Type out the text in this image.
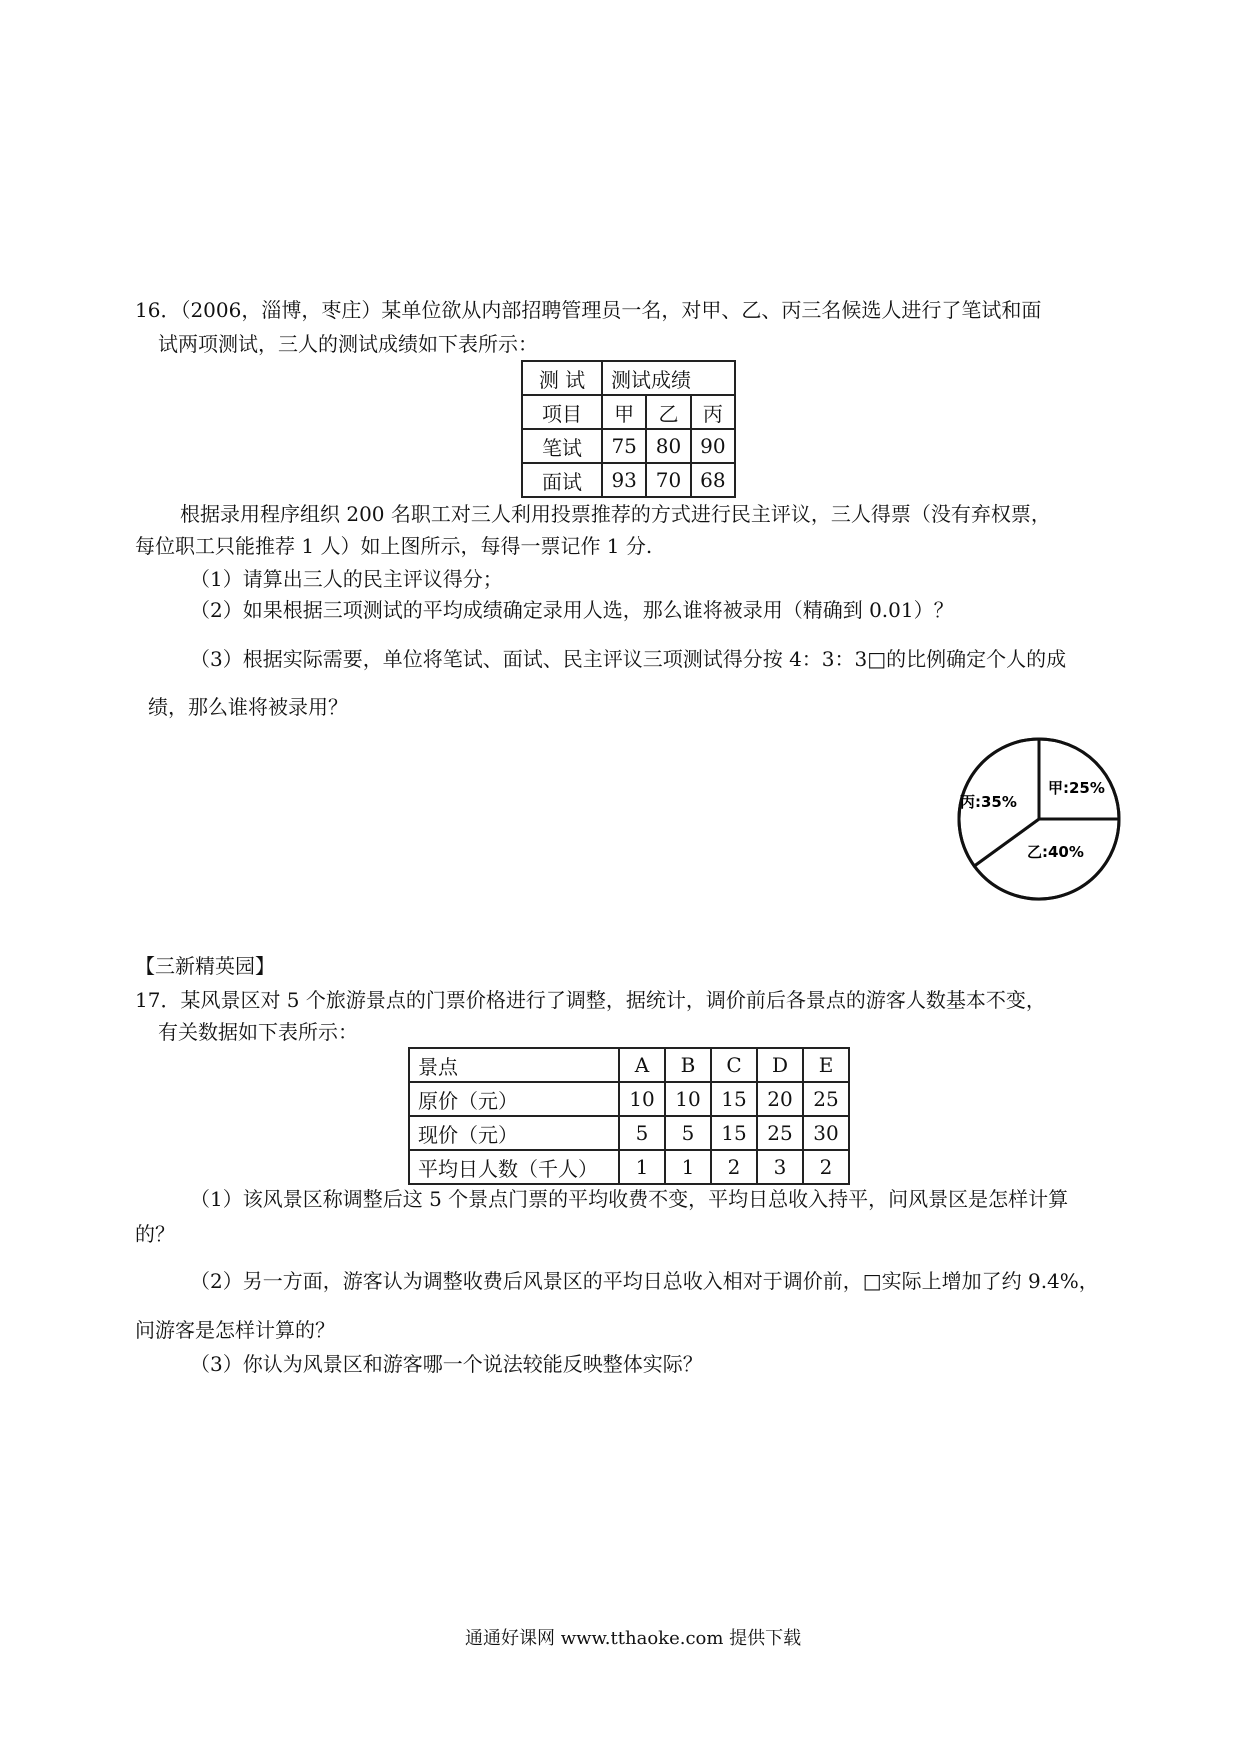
16．（2006，淄博，枣庄）某单位欲从内部招聘管理员一名，对甲、乙、丙三名候选人进行了笔试和面
试两项测试，三人的测试成绩如下表所示：
测 试	测试成绩		
项目	甲	乙	丙
笔试	75	80	90
面试	93	70	68
根据录用程序组织 200 名职工对三人利用投票推荐的方式进行民主评议，三人得票（没有弃权票，
每位职工只能推荐 1 人）如上图所示，每得一票记作 1 分.
（1）请算出三人的民主评议得分；
（2）如果根据三项测试的平均成绩确定录用人选，那么谁将被录用（精确到 0.01）？
（3）根据实际需要，单位将笔试、面试、民主评议三项测试得分按 4：3：3□的比例确定个人的成
绩，那么谁将被录用？
甲:25%
乙:40%
丙:35%
【三新精英园】
17．某风景区对 5 个旅游景点的门票价格进行了调整，据统计，调价前后各景点的游客人数基本不变，
有关数据如下表所示：
景点	A	B	C	D	E
原价（元）	10	10	15	20	25
现价（元）	5	5	15	25	30
平均日人数（千人）	1	1	2	3	2
（1）该风景区称调整后这 5 个景点门票的平均收费不变，平均日总收入持平，问风景区是怎样计算
的？
（2）另一方面，游客认为调整收费后风景区的平均日总收入相对于调价前，□实际上增加了约 9.4%，
问游客是怎样计算的？
（3）你认为风景区和游客哪一个说法较能反映整体实际？
通通好课网 www.tthaoke.com 提供下载
